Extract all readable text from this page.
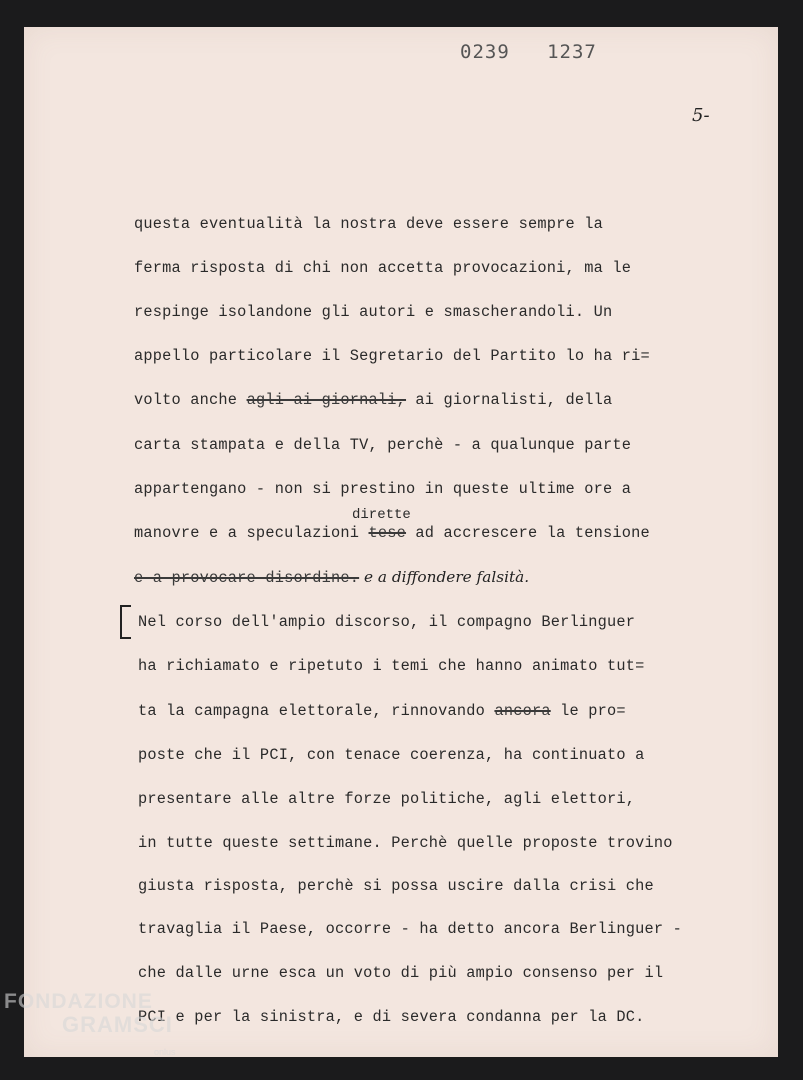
0239   1237
5-
dirette
questa eventualità la nostra deve essere sempre la
ferma risposta di chi non accetta provocazioni, ma le
respinge isolandone gli autori e smascherandoli. Un
appello particolare il Segretario del Partito lo ha ri=
volto anche agli ai giornali, ai giornalisti, della
carta stampata e della TV, perchè - a qualunque parte
appartengano - non si prestino in queste ultime ore a
manovre e a speculazioni tese ad accrescere la tensione
e a provocare disordine. e a diffondere falsità.
Nel corso dell'ampio discorso, il compagno Berlinguer
ha richiamato e ripetuto i temi che hanno animato tut=
ta la campagna elettorale, rinnovando ancora le pro=
poste che il PCI, con tenace coerenza, ha continuato a
presentare alle altre forze politiche, agli elettori,
in tutte queste settimane. Perchè quelle proposte trovino
giusta risposta, perchè si possa uscire dalla crisi che
travaglia il Paese, occorre - ha detto ancora Berlinguer -
che dalle urne esca un voto di più ampio consenso per il
PCI e per la sinistra, e di severa condanna per la DC.
FONDAZIONE
GRAMSCI
onlus
